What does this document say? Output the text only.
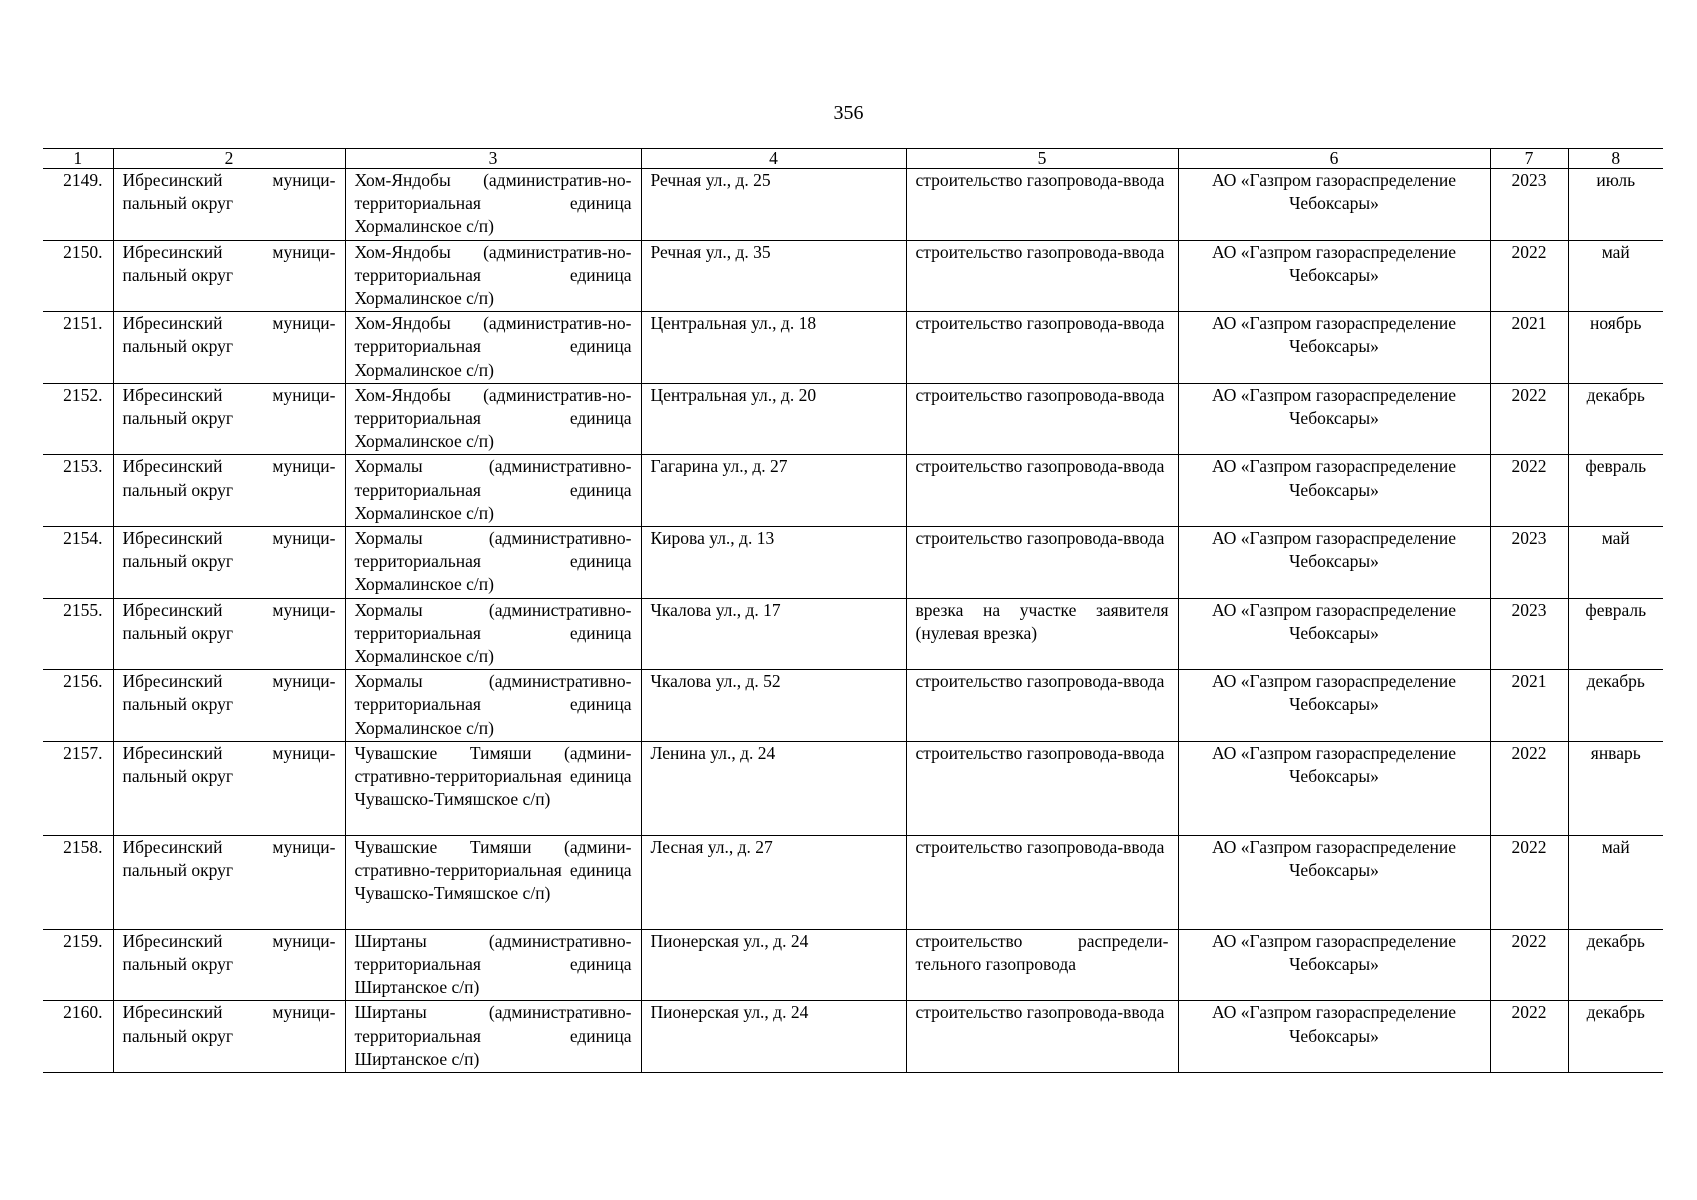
356
1	2	3	4	5	6	7	8
2149.	Ибресинский муници-пальный округ	Хом-Яндобы (административ-но-территориальная единица Хормалинское с/п)	Речная ул., д. 25	строительство газопровода-ввода	АО «Газпром газораспределение Чебоксары»	2023	июль
2150.	Ибресинский муници-пальный округ	Хом-Яндобы (административ-но-территориальная единица Хормалинское с/п)	Речная ул., д. 35	строительство газопровода-ввода	АО «Газпром газораспределение Чебоксары»	2022	май
2151.	Ибресинский муници-пальный округ	Хом-Яндобы (административ-но-территориальная единица Хормалинское с/п)	Центральная ул., д. 18	строительство газопровода-ввода	АО «Газпром газораспределение Чебоксары»	2021	ноябрь
2152.	Ибресинский муници-пальный округ	Хом-Яндобы (административ-но-территориальная единица Хормалинское с/п)	Центральная ул., д. 20	строительство газопровода-ввода	АО «Газпром газораспределение Чебоксары»	2022	декабрь
2153.	Ибресинский муници-пальный округ	Хормалы (административно-территориальная единица Хормалинское с/п)	Гагарина ул., д. 27	строительство газопровода-ввода	АО «Газпром газораспределение Чебоксары»	2022	февраль
2154.	Ибресинский муници-пальный округ	Хормалы (административно-территориальная единица Хормалинское с/п)	Кирова ул., д. 13	строительство газопровода-ввода	АО «Газпром газораспределение Чебоксары»	2023	май
2155.	Ибресинский муници-пальный округ	Хормалы (административно-территориальная единица Хормалинское с/п)	Чкалова ул., д. 17	врезка на участке заявителя (нулевая врезка)	АО «Газпром газораспределение Чебоксары»	2023	февраль
2156.	Ибресинский муници-пальный округ	Хормалы (административно-территориальная единица Хормалинское с/п)	Чкалова ул., д. 52	строительство газопровода-ввода	АО «Газпром газораспределение Чебоксары»	2021	декабрь
2157.	Ибресинский муници-пальный округ	Чувашские Тимяши (админи-стративно-территориальная единица Чувашско-Тимяшское с/п)	Ленина ул., д. 24	строительство газопровода-ввода	АО «Газпром газораспределение Чебоксары»	2022	январь
2158.	Ибресинский муници-пальный округ	Чувашские Тимяши (админи-стративно-территориальная единица Чувашско-Тимяшское с/п)	Лесная ул., д. 27	строительство газопровода-ввода	АО «Газпром газораспределение Чебоксары»	2022	май
2159.	Ибресинский муници-пальный округ	Ширтаны (административно-территориальная единица Ширтанское с/п)	Пионерская ул., д. 24	строительство распредели-тельного газопровода	АО «Газпром газораспределение Чебоксары»	2022	декабрь
2160.	Ибресинский муници-пальный округ	Ширтаны (административно-территориальная единица Ширтанское с/п)	Пионерская ул., д. 24	строительство газопровода-ввода	АО «Газпром газораспределение Чебоксары»	2022	декабрь
